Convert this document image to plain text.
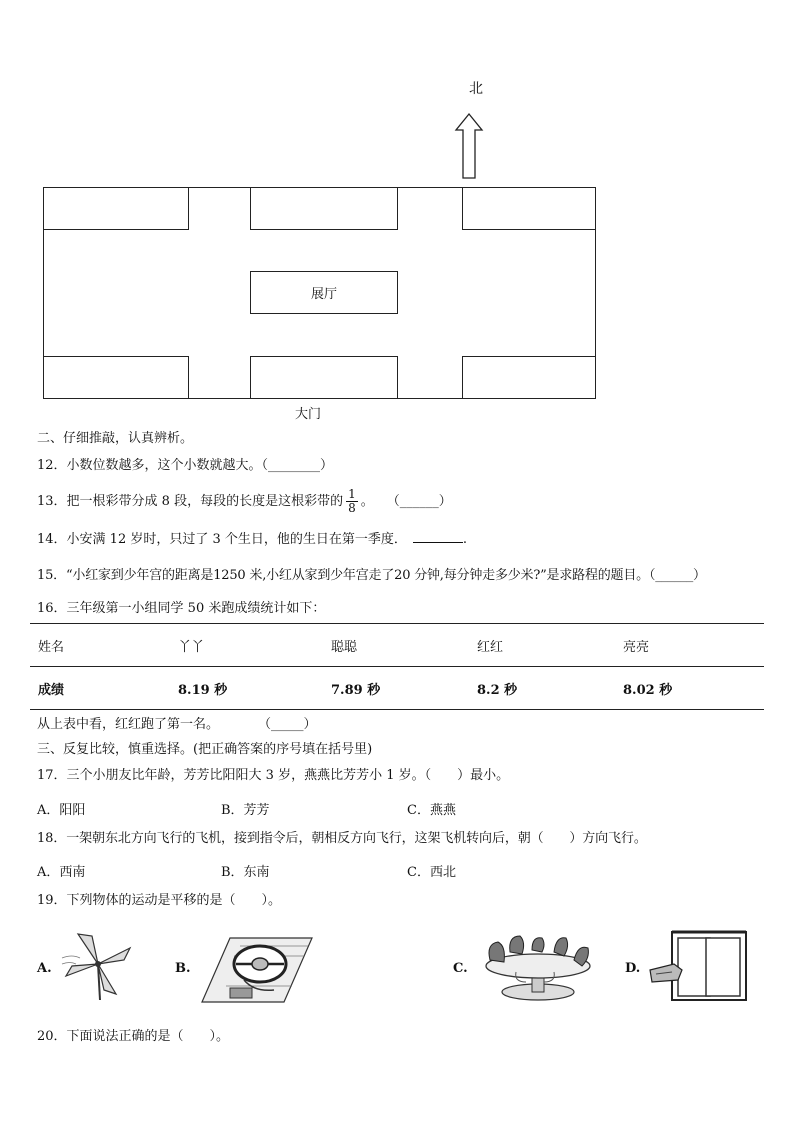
北
展厅
大门
二、仔细推敲，认真辨析。
12．小数位数越多，这个小数就越大。（________）
13．把一根彩带分成 8 段，每段的长度是这根彩带的 $\frac{1}{8}$ 。　　（______）
14．小安满 12 岁时，只过了 3 个生日，他的生日在第一季度．	.
15．“小红家到少年宫的距离是1250 米,小红从家到少年宫走了20 分钟,每分钟走多少米?”是求路程的题目。（______）
16．三年级第一小组同学 50 米跑成绩统计如下：
姓名	丫丫	聪聪	红红	亮亮
成绩	8.19 秒	7.89 秒	8.2 秒	8.02 秒
从上表中看，红红跑了第一名。　　　　（_____）
三、反复比较，慎重选择。(把正确答案的序号填在括号里)
17．三个小朋友比年龄，芳芳比阳阳大 3 岁，燕燕比芳芳小 1 岁。（　　）最小。
A．阳阳	B．芳芳	C．燕燕
18．一架朝东北方向飞行的飞机，接到指令后，朝相反方向飞行，这架飞机转向后，朝（　　）方向飞行。
A．西南	B．东南	C．西北
19．下列物体的运动是平移的是（　　）。
A.	B.	C.	D.
20．下面说法正确的是（　　）。
